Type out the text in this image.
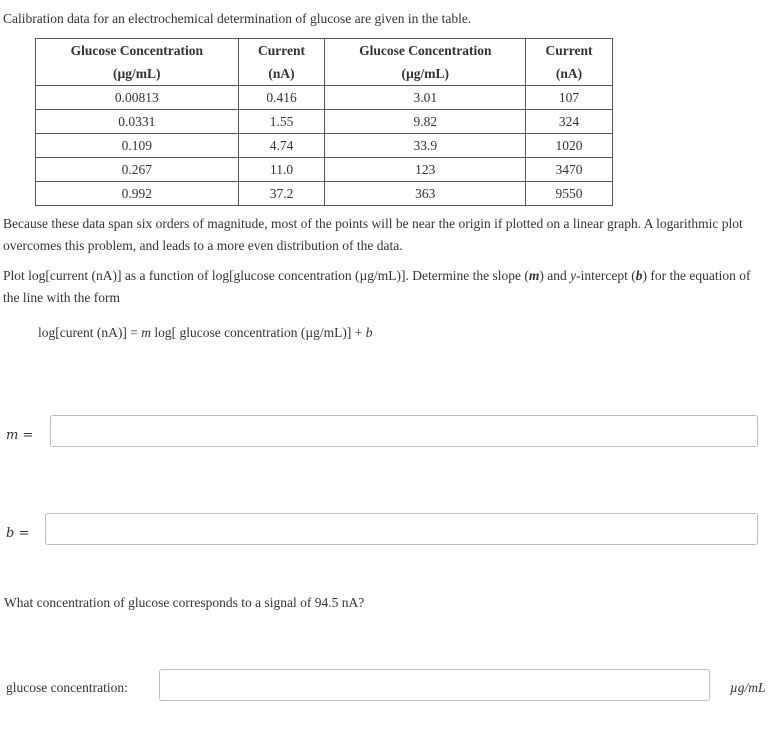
Calibration data for an electrochemical determination of glucose are given in the table.
Glucose Concentration	Current	Glucose Concentration	Current
(µg/mL)	(nA)	(µg/mL)	(nA)
0.00813	0.416	3.01	107
0.0331	1.55	9.82	324
0.109	4.74	33.9	1020
0.267	11.0	123	3470
0.992	37.2	363	9550
Because these data span six orders of magnitude, most of the points will be near the origin if plotted on a linear graph. A logarithmic plot overcomes this problem, and leads to a more even distribution of the data.
Plot log[current (nA)] as a function of log[glucose concentration (µg/mL)]. Determine the slope (m) and y-intercept (b) for the equation of the line with the form
log[curent (nA)] = m log[ glucose concentration (µg/mL)] + b
m =
b =
What concentration of glucose corresponds to a signal of 94.5 nA?
glucose concentration:	µg/mL
